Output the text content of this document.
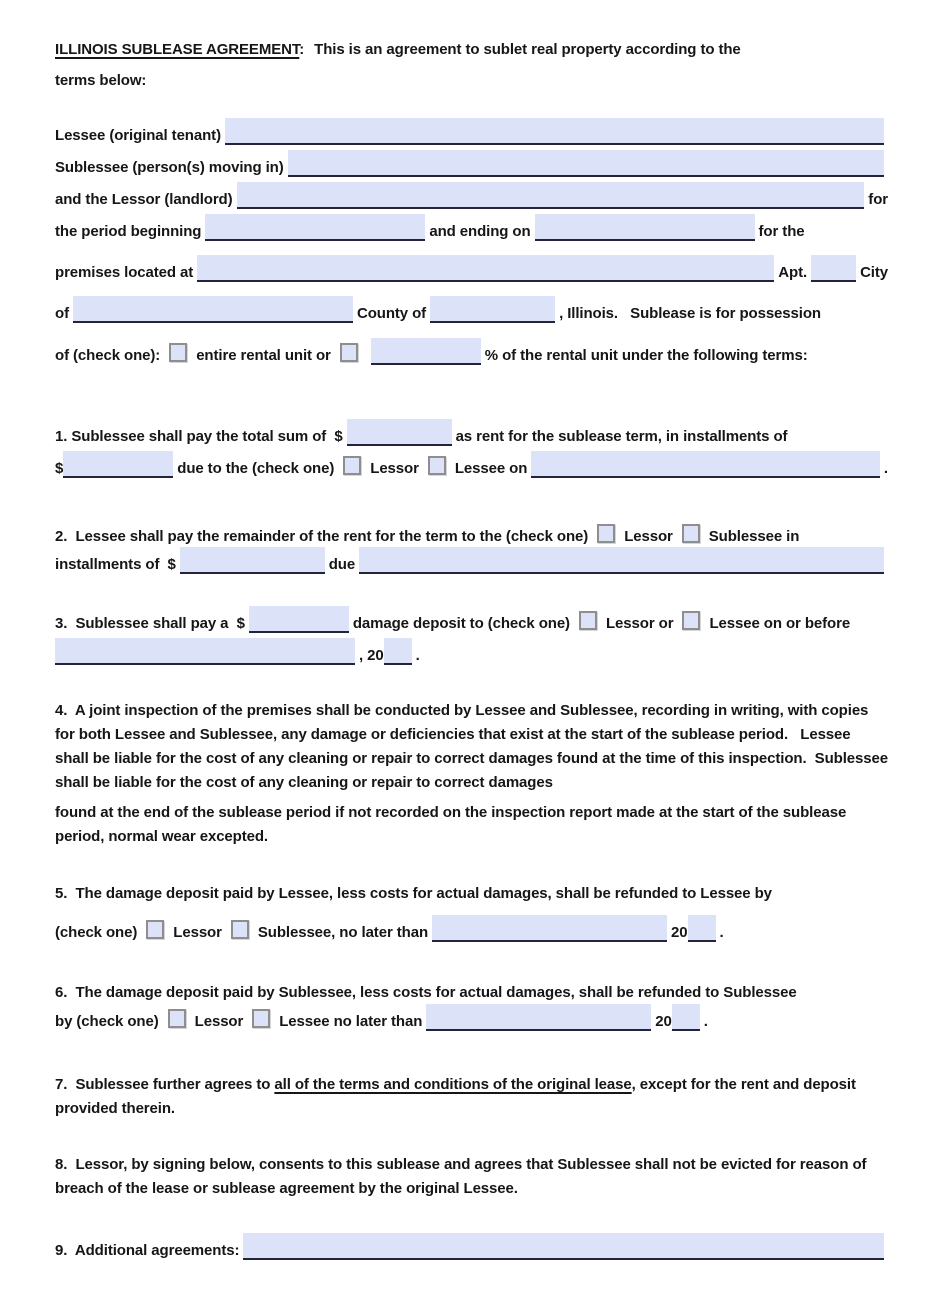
ILLINOIS SUBLEASE AGREEMENT: This is an agreement to sublet real property according to the

terms below:

Lessee (original tenant)
Sublessee (person(s) moving in)
and the Lessor (landlord)	for
the period beginning	and ending on	for the
premises located at	Apt.	City
of	County of	, Illinois.   Sublease is for possession
of (check one): entire rental unit or	% of the rental unit under the following terms:
1. Sublessee shall pay the total sum of  $	as rent for the sublease term, in installments of
$	due to the (check one) Lessor Lessee on	.
2.  Lessee shall pay the remainder of the rent for the term to the (check one) Lessor Sublessee in
installments of  $	due
3.  Sublessee shall pay a  $	damage deposit to (check one) Lessor or Lessee on or before
, 20 .

4.  A joint inspection of the premises shall be conducted by Lessee and Sublessee, recording in writing, with copies for both Lessee and Sublessee, any damage or deficiencies that exist at the start of the sublease period.   Lessee shall be liable for the cost of any cleaning or repair to correct damages found at the time of this inspection.  Sublessee shall be liable for the cost of any cleaning or repair to correct damages

found at the end of the sublease period if not recorded on the inspection report made at the start of the sublease period, normal wear excepted.

5.  The damage deposit paid by Lessee, less costs for actual damages, shall be refunded to Lessee by
(check one) Lessor Sublessee, no later than	20 .
6.  The damage deposit paid by Sublessee, less costs for actual damages, shall be refunded to Sublessee
by (check one) Lessor Lessee no later than	20 .

7.  Sublessee further agrees to all of the terms and conditions of the original lease, except for the rent and deposit provided therein.

8.  Lessor, by signing below, consents to this sublease and agrees that Sublessee shall not be evicted for reason of breach of the lease or sublease agreement by the original Lessee.

9.  Additional agreements:
